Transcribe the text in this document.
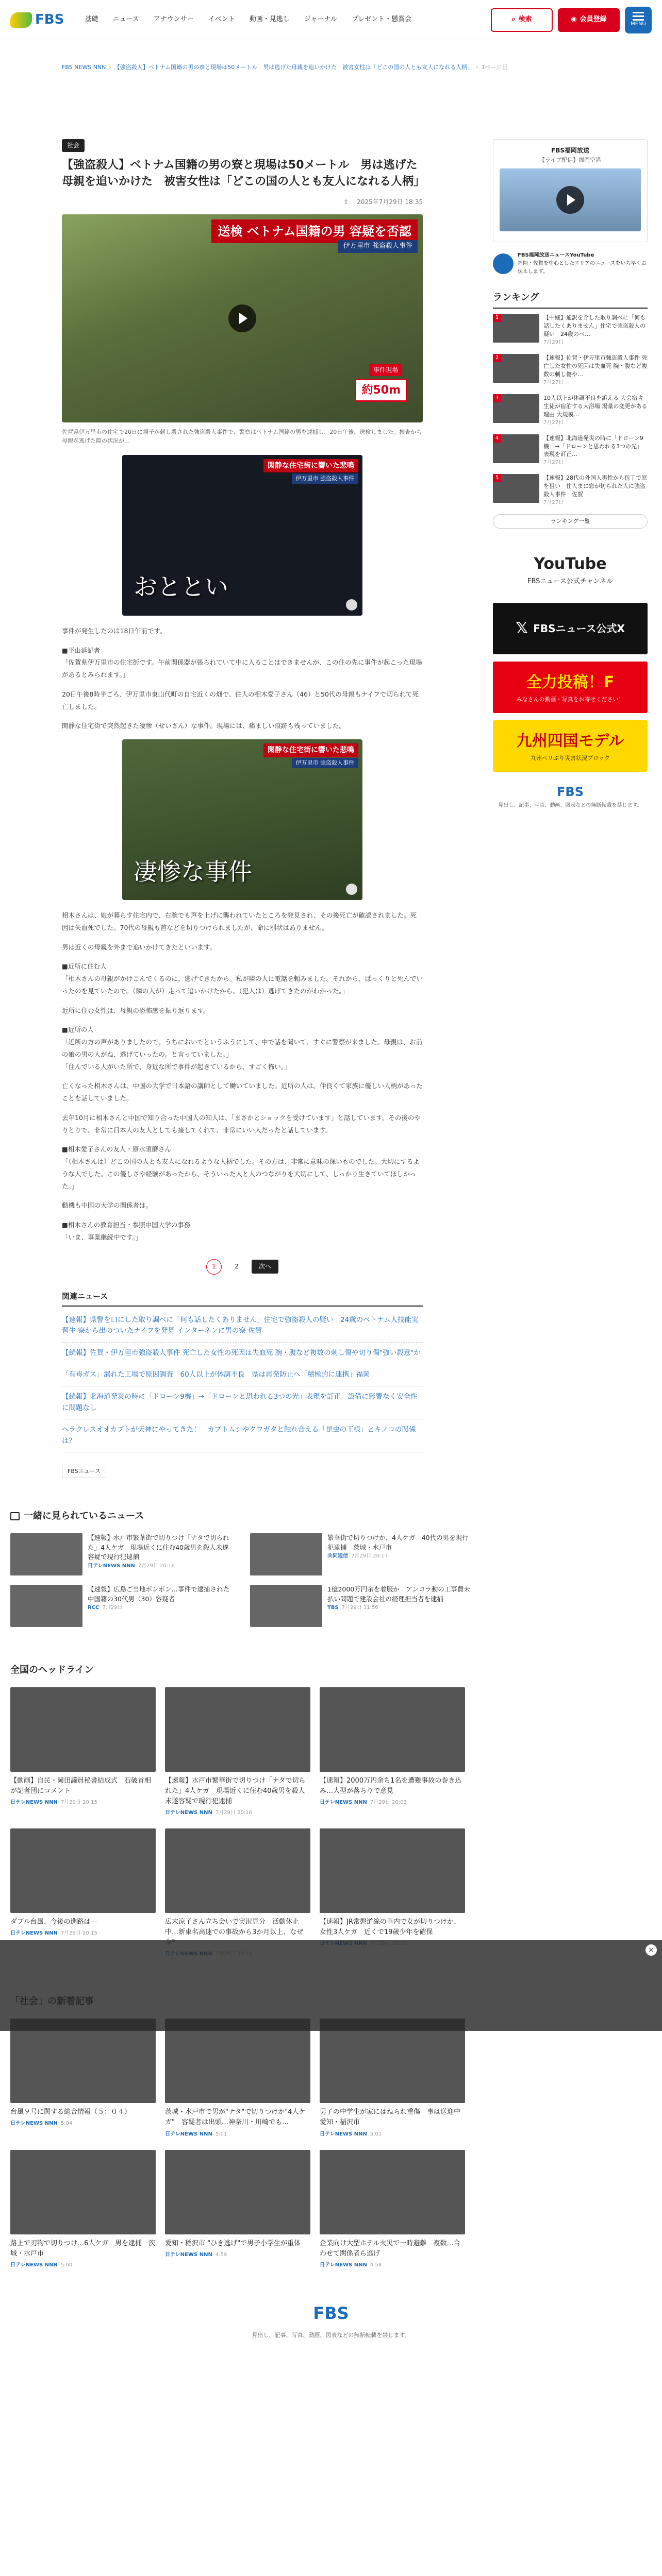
FBS	基礎 ニュース アナウンサー イベント 動画・見逃し ジャーナル プレゼント・懸賞会	⌕ 検索	◉ 会員登録
MENU
FBS NEWS NNN › 【強盗殺人】ベトナム国籍の男の寮と現場は50メートル　男は逃げた母親を追いかけた　被害女性は「どこの国の人とも友人になれる人柄」 › 1ページ目
社会
【強盗殺人】ベトナム国籍の男の寮と現場は50メートル　男は逃げた母親を追いかけた　被害女性は「どこの国の人とも友人になれる人柄」
⇪ 2025年7月29日 18:35
送検 ベトナム国籍の男 容疑を否認
伊万里市 強盗殺人事件
事件現場
約50m

佐賀県伊万里市の住宅で20日に親子が刺し殺された強盗殺人事件で、警察はベトナム国籍の男を逮捕し、20日午後、送検しました。捜査から母親が逃げた際の状況が…

閑静な住宅街に響いた悲鳴
伊万里市 強盗殺人事件
おととい

事件が発生したのは18日午前です。

■平山延記者
「佐賀県伊万里市の住宅街です。午前関係器が張られていて中に入ることはできませんが、この住の先に事件が起こった現場があるとみられます。」

20日午後8時半ごろ、伊万里市東山代町の自宅近くの畑で、住人の相木愛子さん（46）と50代の母親もナイフで切られて死亡しました。

閑静な住宅街で突然起きた凄惨（せいさん）な事件。現場には、痛ましい痕跡も残っていました。

閑静な住宅街に響いた悲鳴
伊万里市 強盗殺人事件
凄惨な事件

相木さんは、娘が暮らす住宅内で、右腕でも声を上げに襲われていたところを発見され、その後死亡が確認されました。死因は失血死でした。70代の母親も首などを切りつけられましたが、命に別状はありません。

男は近くの母親を外まで追いかけてきたといいます。

■近所に住む人
「相木さんの母親がかけこんでくるのに、逃げてきたから。私が隣の人に電話を頼みました。それから、ぱっくりと死んでいったのを見ていたので。（隣の人が）走って追いかけたから、（犯人は）逃げてきたのがわかった。」

近所に住む女性は、母親の恐怖感を振り返ります。

■近所の人
「近所の方の声がありましたので、うちにおいでというふうにして、中で話を聞いて、すぐに警察が来ました。母親は、お前の娘の男の人がね、逃げていったの。と言っていました。」
「住んでいる人がいた所で、身近な所で事件が起きているから、すごく怖い。」

亡くなった相木さんは、中国の大学で日本語の講師として働いていました。近所の人は、仲良くて家族に優しい人柄があったことを話していました。

去年10月に相木さんと中国で知り合った中国人の知人は、「まさかとショックを受けています」と話しています。その後のやりとりで、非常に日本人の友人としても接してくれて、非常にいい人だったと話しています。

■相木愛子さんの友人・原水須磨さん
「（相木さんは）どこの国の人とも友人になれるような人柄でした。その方は、非常に意味の深いものでした。大切にするような人でした。この優しさや経験があったから、そういった人と人のつながりを大切にして、しっかり生きていてほしかった。」

動機も中国の大学の関係者は。

■相木さんの教育担当・参照中国大学の事務
「いま、事業継続中です。」

1	2	次へ
関連ニュース
【速報】県警を口にした取り調べに「何も話したくありません」住宅で強盗殺人の疑い　24歳のベトナム人技能実習生 寮から出のついたナイフを発見 インターネンに男の寮 佐賀
【続報】佐賀・伊万里市強盗殺人事件 死亡した女性の死因は失血死 腕・腹など複数の刺し傷や切り傷"強い殺意"か
「有毒ガス」漏れた工場で原因調査　60人以上が体調不良　県は再発防止へ「積極的に連携」福岡
【続報】北海道発災の時に「ドローン9機」→「ドローンと思われる3つの光」表現を訂正　設備に影響なく安全性に問題なし
ヘラクレスオオカブトが天神にやってきた！　カブトムシやクワガタと触れ合える「昆虫の王様」とキノコの関係は？
FBSニュース
FBS福岡放送
【ライブ配信】福岡空港
FBS福岡放送ニュースYouTube
福岡・佐賀を中心としたエリアのニュースをいち早くお伝えします。
ランキング
1	【中継】通訳を介した取り調べに「何も話したくありません」住宅で強盗殺人の疑い　24歳のベ…
7月29日
2	【速報】佐賀・伊万里市強盗殺人事件 死亡した女性の死因は失血死 腕・腹など複数の刺し傷や…
7月27日
3	10人以上が体調不良を訴える 大会宿舎生徒が宿泊する大浴場 湯量の変更がある理由 大規模…
7月27日
4	【速報】北海道発災の時に「ドローン9機」→「ドローンと思われる3つの光」表現を訂正…
7月27日
5	【速報】28代の外国人男性から包丁で窓を狙い　住人まに窓が切られた人に強盗殺人事件　佐賀
7月27日
ランキング一覧
YouTube
FBSニュース公式チャンネル
𝕏 FBSニュース公式X
全力投稿！F
みなさんの動画・写真をお寄せください！
九州四国モデル
九州ペリぷり災害状況ブロック
FBS
見出し、記事、写真、動画、図表などの無断転載を禁じます。
一緒に見られているニュース
【速報】水戸市繁華街で切りつけ「ナタで切られた」4人ケガ　現場近くに住む40歳男を殺人未遂容疑で現行犯逮捕
日テレNEWS NNN 7月29日 20:16
繁華街で切りつけか、4人ケガ　40代の男を現行犯逮捕　茨城・水戸市
共同通信 7月29日 20:17
【速報】広島ご当地ポンポン…事件で逮捕された中国籍の30代男（30）容疑者
RCC 7月29日
1億2000万円余を着服か　アンコラ動の工事費未払い問題で建設会社の経理担当者を逮捕
TBS 7月29日 11:56
全国のヘッドライン
【動画】自民・岡田議員秘書結成式　石破首相が記者団にコメント
日テレNEWS NNN 7月29日 20:15
【速報】水戸市繁華街で切りつけ「ナタで切られた」4人ケガ　現場近くに住む40歳男を殺人未遂容疑で現行犯逮捕
日テレNEWS NNN 7月29日 20:16
【速報】2000万円余ち1名を遭難事故の巻き込み…大型が落ちりで意見
日テレNEWS NNN 7月29日 20:03
ダブル台風、今後の進路は—
日テレNEWS NNN 7月29日 20:15
広末涼子さん立ち会いで実況見分　活動休止中…新東名高速での事故から3か月以上、なぜ
【速報】JR常磐道線の車内で女が切りつけか、女性3人ケガ　近くで19歳少年を確保
台風９号に関する総合情報（５：０４）
日テレNEWS NNN 5:04
茨城・水戸市で男が"ナタ"で切りつけか"4人ケガ"　容疑者は出頭…神奈川・川崎でも…
日テレNEWS NNN 5:01
男子の中学生が家にはねられ重傷　事は送迎中　愛知・稲沢市
日テレNEWS NNN 5:01
路上で刃物で切りつけ…6人ケガ　男を逮捕　茨城・水戸市
日テレNEWS NNN 5:00
愛知・稲沢市 "ひき逃げ"で男子小学生が重体
日テレNEWS NNN 4:59
企業向け大型ホテル火災で一時避難　複数…合わせて関係者ら逃げ
日テレNEWS NNN 4:58
FBS
見出し、記事、写真、動画、図表などの無断転載を禁じます。
×
